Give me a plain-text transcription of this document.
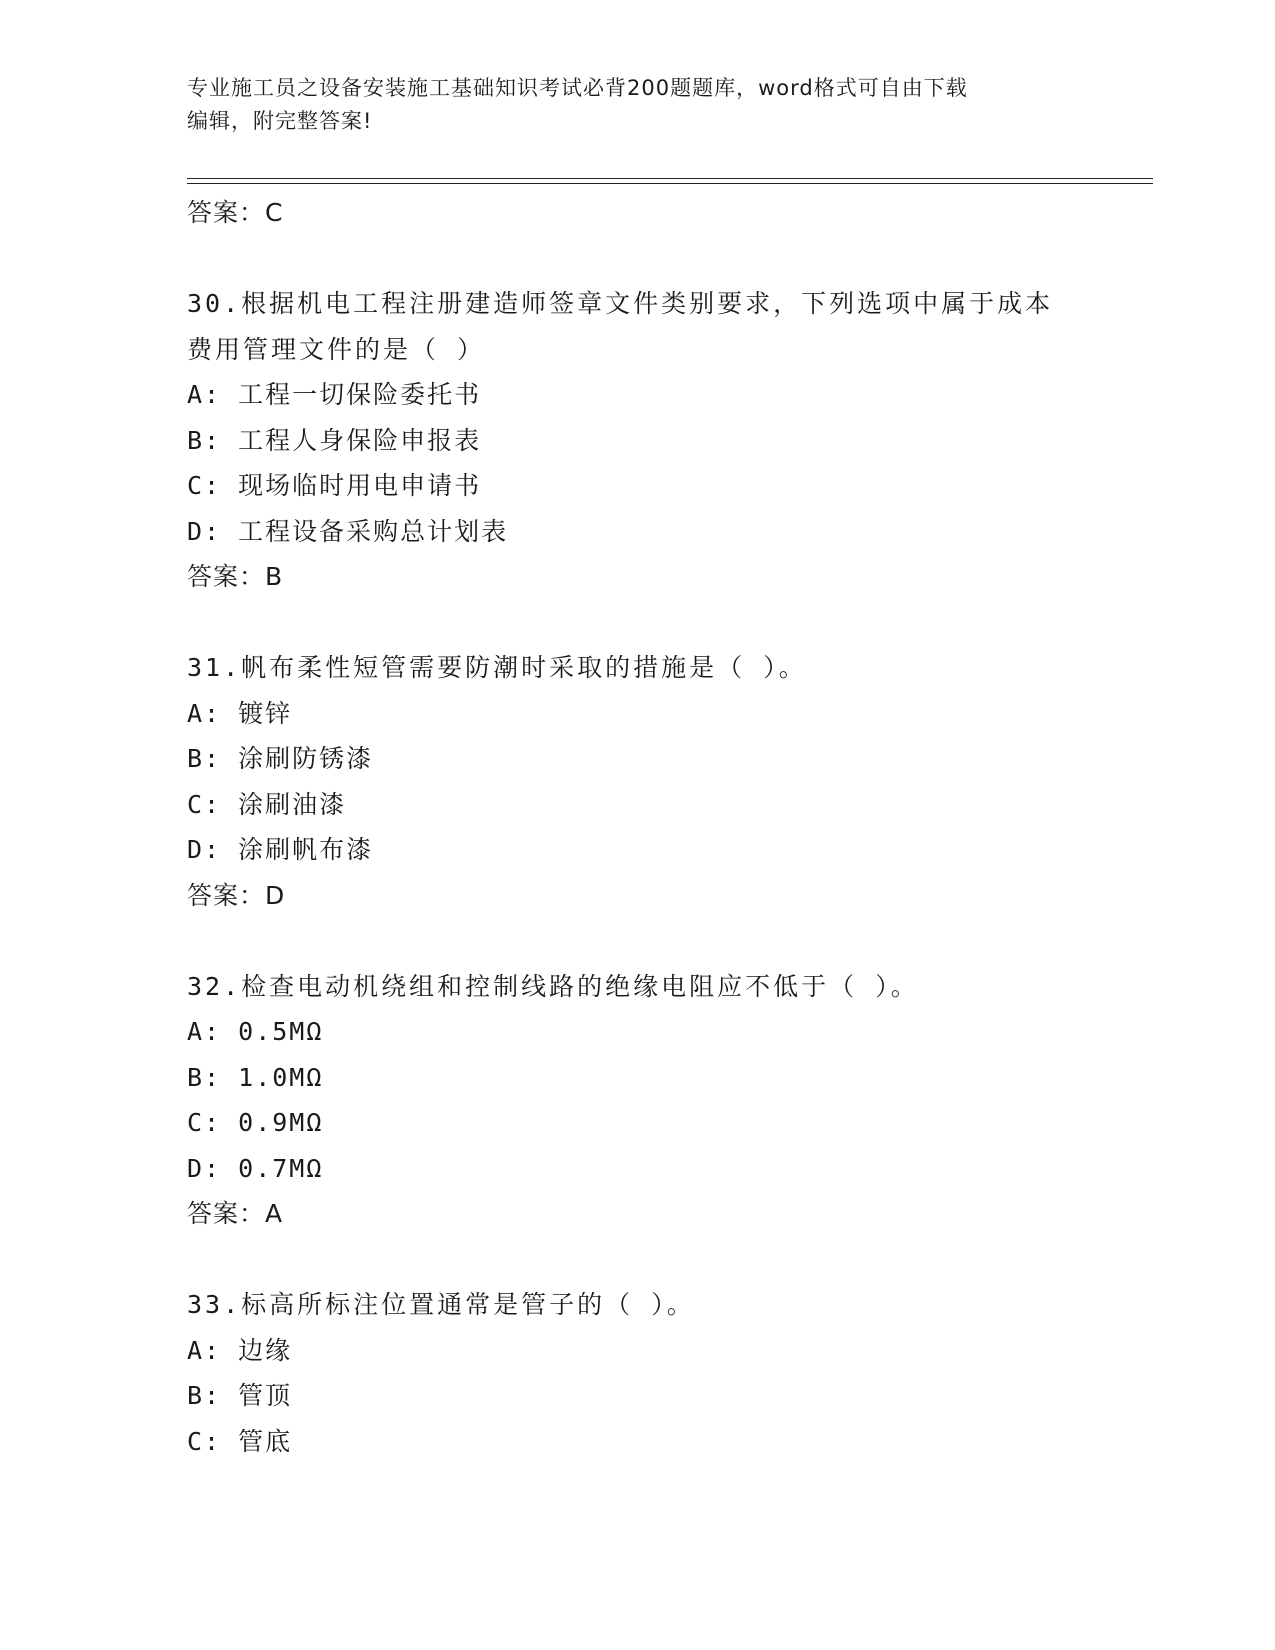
专业施工员之设备安装施工基础知识考试必背200题题库，word格式可自由下载
编辑，附完整答案!
答案：C
30.根据机电工程注册建造师签章文件类别要求，下列选项中属于成本
费用管理文件的是（ ）
A: 工程一切保险委托书
B: 工程人身保险申报表
C: 现场临时用电申请书
D: 工程设备采购总计划表
答案：B
31.帆布柔性短管需要防潮时采取的措施是（ ）。
A: 镀锌
B: 涂刷防锈漆
C: 涂刷油漆
D: 涂刷帆布漆
答案：D
32.检查电动机绕组和控制线路的绝缘电阻应不低于（ ）。
A: 0.5MΩ
B: 1.0MΩ
C: 0.9MΩ
D: 0.7MΩ
答案：A
33.标高所标注位置通常是管子的（ ）。
A: 边缘
B: 管顶
C: 管底
